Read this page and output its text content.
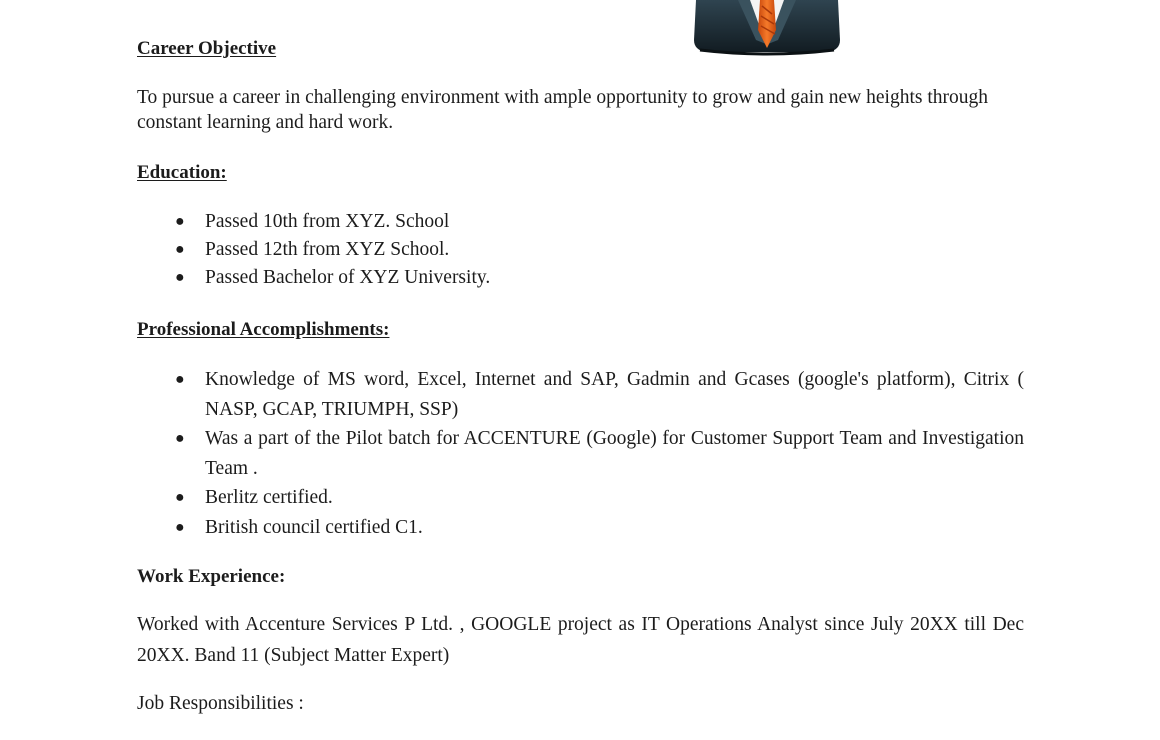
Career Objective

To pursue a career in challenging environment with ample opportunity to grow and gain new heights through constant learning and hard work.

Education:
● Passed 10th from XYZ. School
● Passed 12th from XYZ School.
● Passed Bachelor of XYZ University.
Professional Accomplishments:
● Knowledge of MS word, Excel, Internet and SAP, Gadmin and Gcases (google's platform), Citrix ( NASP, GCAP, TRIUMPH, SSP)
● Was a part of the Pilot batch for ACCENTURE (Google) for Customer Support Team and Investigation Team .
● Berlitz certified.
● British council certified C1.
Work Experience:

Worked with Accenture Services P Ltd. , GOOGLE project as IT Operations Analyst since July 20XX till Dec 20XX. Band 11 (Subject Matter Expert)

Job Responsibilities :
